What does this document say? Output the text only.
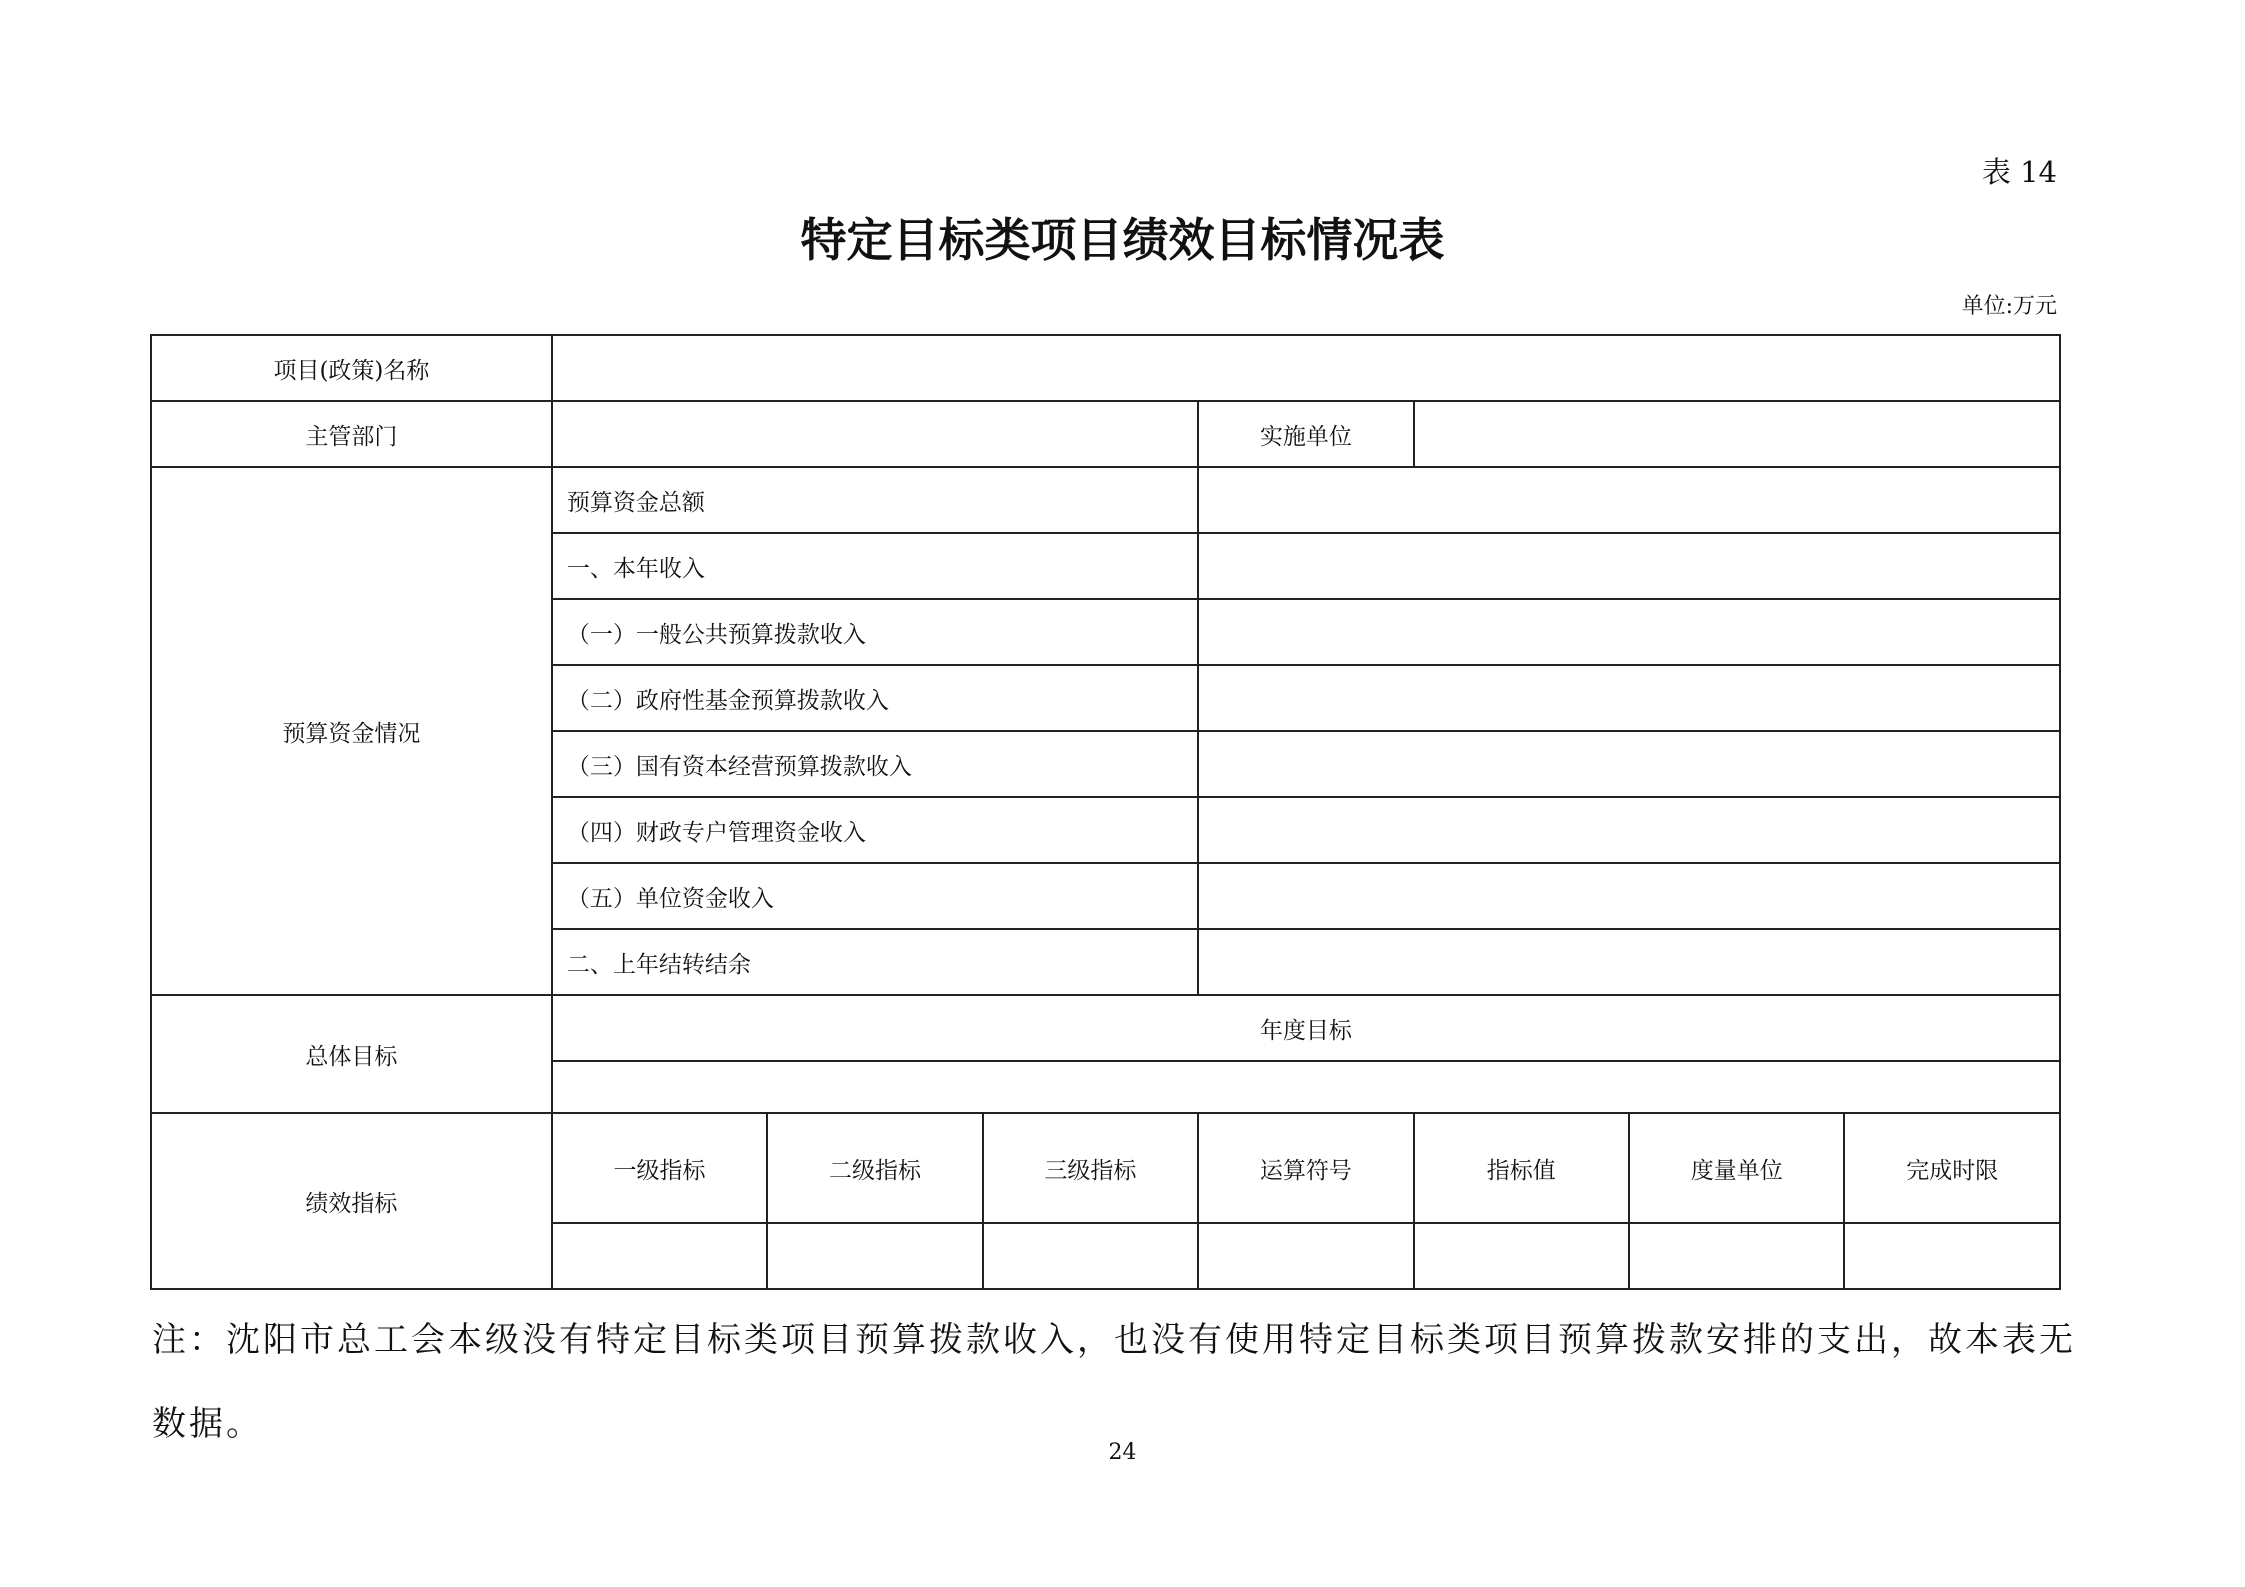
表 14
特定目标类项目绩效目标情况表
单位:万元
项目(政策)名称							
主管部门				实施单位			
预算资金情况	预算资金总额						
	一、本年收入						
	（一）一般公共预算拨款收入						
	（二）政府性基金预算拨款收入						
	（三）国有资本经营预算拨款收入						
	（四）财政专户管理资金收入						
	（五）单位资金收入						
	二、上年结转结余						
总体目标	年度目标						

绩效指标	一级指标	二级指标	三级指标	运算符号	指标值	度量单位	完成时限

注：沈阳市总工会本级没有特定目标类项目预算拨款收入，也没有使用特定目标类项目预算拨款安排的支出，故本表无数据。
24
